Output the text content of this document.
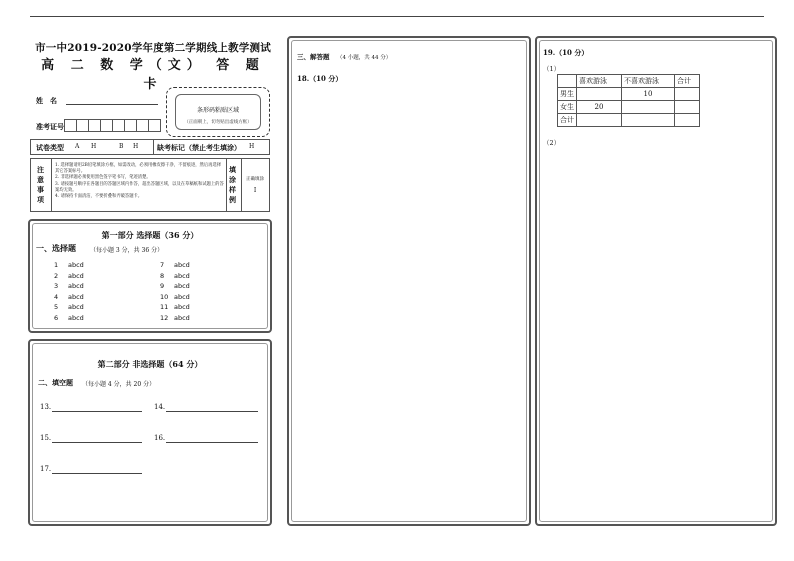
市一中2019-2020学年度第二学期线上教学测试
高 二 数 学（文） 答 题 卡
姓　名
准考证号
条形码粘贴区域
（正面朝上，切勿贴出虚线方框）
试卷类型 A H	B H	缺考标记（禁止考生填涂） H
注意事项
1. 选择题请用2B铅笔填涂方框，如需改动，必须用橡皮擦干净，不留痕迹，然后再选择其它答案标号。
2. 非选择题必须使用黑色签字笔书写，笔迹清楚。
3. 请按题号顺序在各题目的答题区域内作答，超出答题区域，以及在草稿纸和试题上的答案均无效。
4. 请保持卡面清洁，不要折叠和弄破答题卡。
填涂样例
正确填涂
I
第一部分 选择题（36 分）
一、选择题 （每小题 3 分，共 36 分）
1	abcd
2	abcd
3	abcd
4	abcd
5	abcd
6	abcd
7	abcd
8	abcd
9	abcd
10 abcd
11 abcd
12 abcd
第二部分 非选择题（64 分）
二、填空题 （每小题 4 分，共 20 分）
13.	14.
15.	16.
17.
三、解答题 （4 小题，共 44 分）
18.（10 分）
19.（10 分）
（1）
	喜欢游泳	不喜欢游泳	合计
男生		10	
女生	20		
合计			
（2）
